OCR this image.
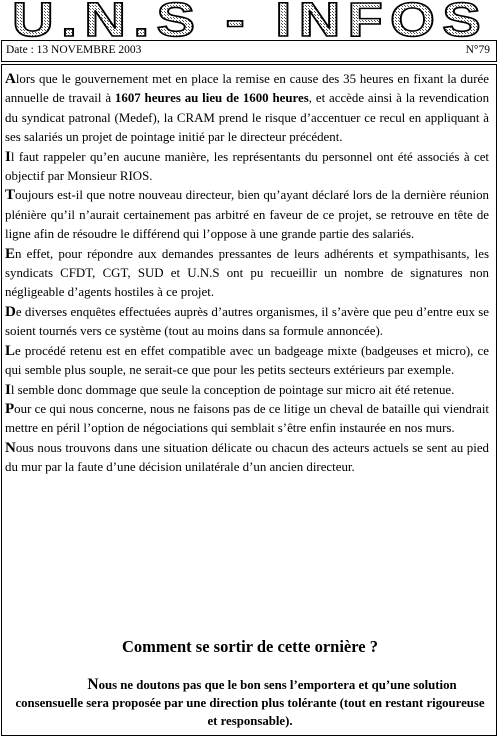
U.N.S - INFOS
Date : 13 NOVEMBRE 2003	N°79

Alors que le gouvernement met en place la remise en cause des 35 heures en fixant la durée annuelle de travail à 1607 heures au lieu de 1600 heures, et accède ainsi à la revendication du syndicat patronal (Medef), la CRAM prend le risque d’accentuer ce recul en appliquant à ses salariés un projet de pointage initié par le directeur précédent.

Il faut rappeler qu’en aucune manière, les représentants du personnel ont été associés à cet objectif par Monsieur RIOS.

Toujours est-il que notre nouveau directeur, bien qu’ayant déclaré lors de la dernière réunion plénière qu’il n’aurait certainement pas arbitré en faveur de ce projet, se retrouve en tête de ligne afin de résoudre le différend qui l’oppose à une grande partie des salariés.

En effet, pour répondre aux demandes pressantes de leurs adhérents et sympathisants, les syndicats CFDT, CGT, SUD et U.N.S ont pu recueillir un nombre de signatures non négligeable d’agents hostiles à ce projet.

De diverses enquêtes effectuées auprès d’autres organismes, il s’avère que peu d’entre eux se soient tournés vers ce système (tout au moins dans sa formule annoncée).

Le procédé retenu est en effet compatible avec un badgeage mixte (badgeuses et micro), ce qui semble plus souple, ne serait-ce que pour les petits secteurs extérieurs par exemple.

Il semble donc dommage que seule la conception de pointage sur micro ait été retenue.

Pour ce qui nous concerne, nous ne faisons pas de ce litige un cheval de bataille qui viendrait mettre en péril l’option de négociations qui semblait s’être enfin instaurée en nos murs.

Nous nous trouvons dans une situation délicate ou chacun des acteurs actuels se sent au pied du mur par la faute d’une décision unilatérale d’un ancien directeur.

Comment se sortir de cette ornière ?
Nous ne doutons pas que le bon sens l’emportera et qu’une solution consensuelle sera proposée par une direction plus tolérante (tout en restant rigoureuse et responsable).
